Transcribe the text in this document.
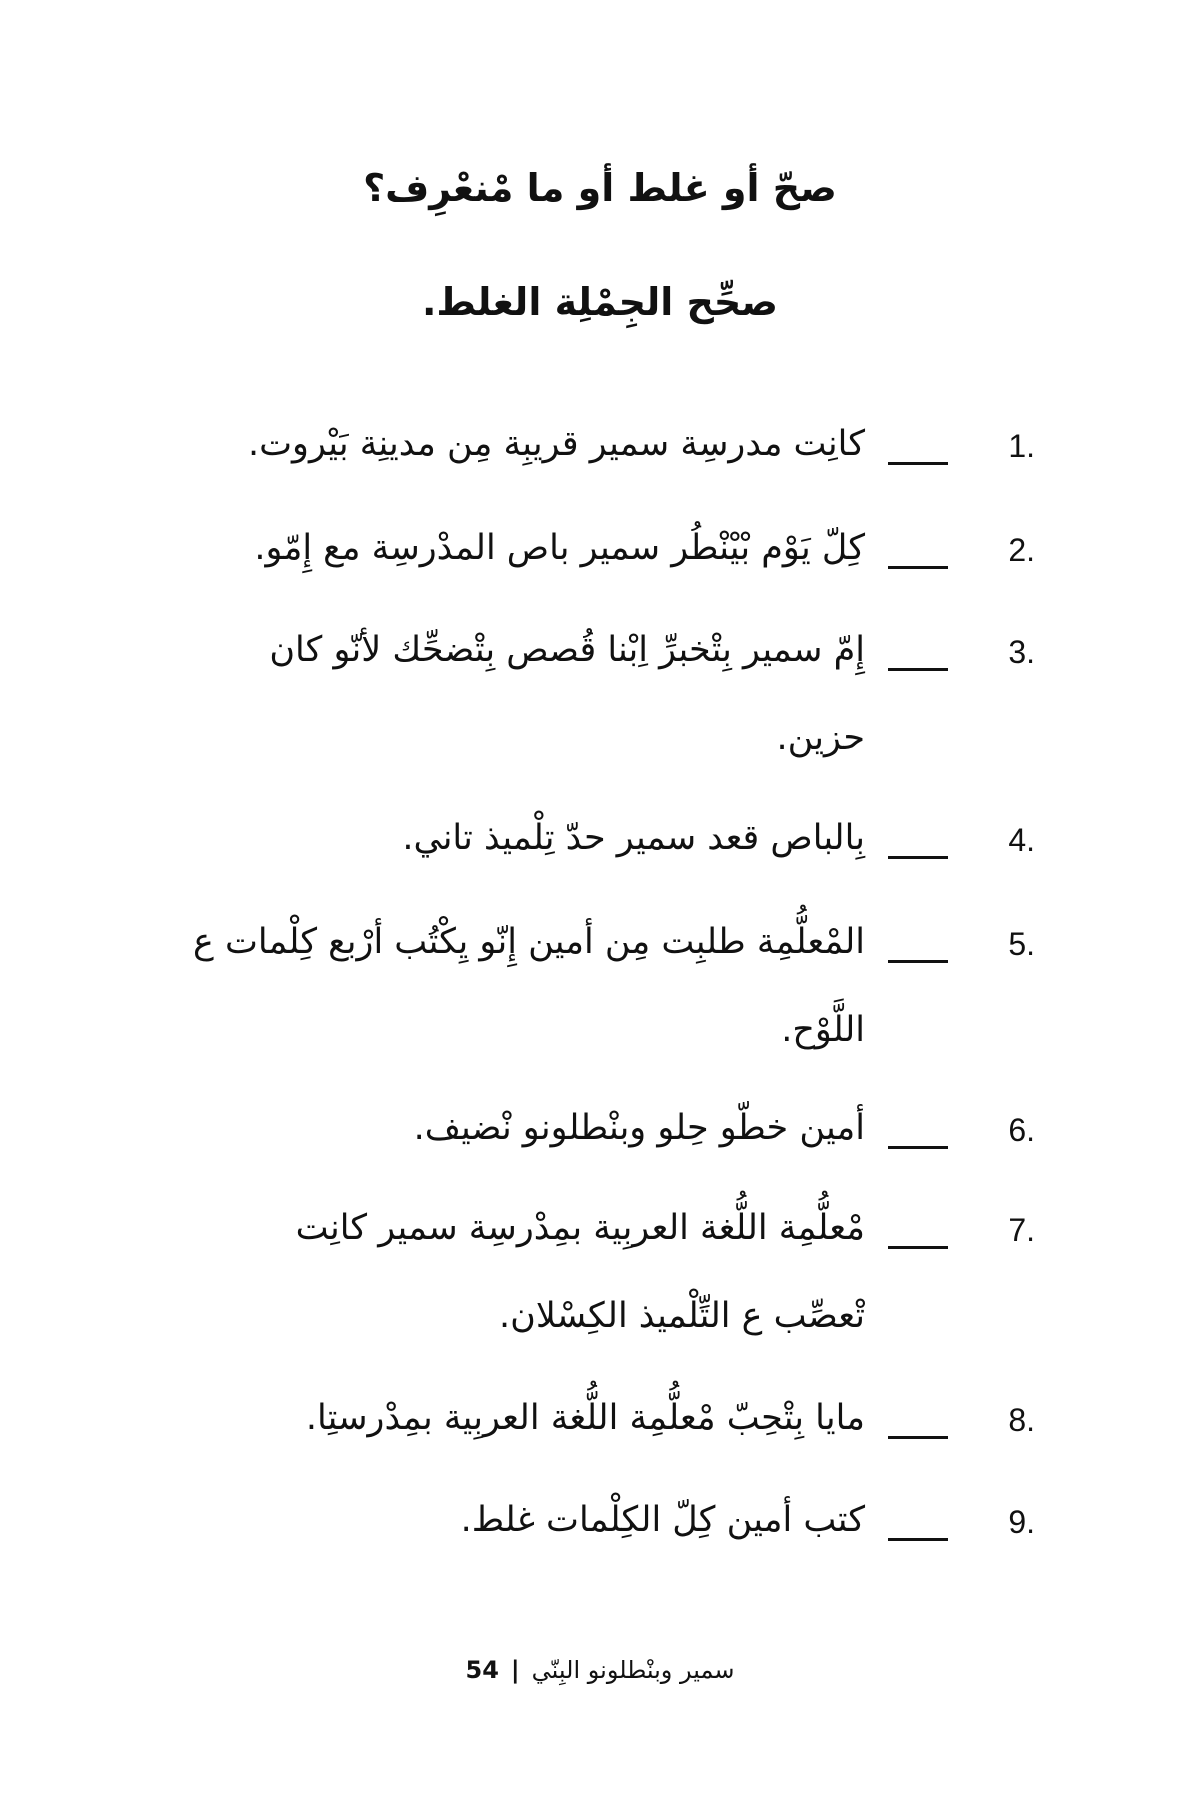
صحّ أو غلط أو ما مْنعْرِف؟
صحِّح الجِمْلِة الغلط.
1.
كانِت مدرسِة سمير قريبِة مِن مدينِة بَيْروت.
2.
كِلّ يَوْم بْيْنْطُر سمير باص المدْرسِة مع إِمّو.
3.
إِمّ سمير بِتْخبرِّ اِبْنا قُصص بِتْضحِّك لأنّو كان
حزين.
4.
بِالباص قعد سمير حدّ تِلْميذ تاني.
5.
المْعلُّمِة طلبِت مِن أمين إِنّو يِكْتُب أرْبع كِلْمات ع
اللَّوْح.
6.
أمين خطّو حِلو وبنْطلونو نْضيف.
7.
مْعلُّمِة اللُّغة العربِية بمِدْرسِة سمير كانِت
تْعصِّب ع التِّلْميذ الكِسْلان.
8.
مايا بِتْحِبّ مْعلُّمِة اللُّغة العربِية بمِدْرستِا.
9.
كتب أمين كِلّ الكِلْمات غلط.
سمير وبنْطلونو البِنّي|54
